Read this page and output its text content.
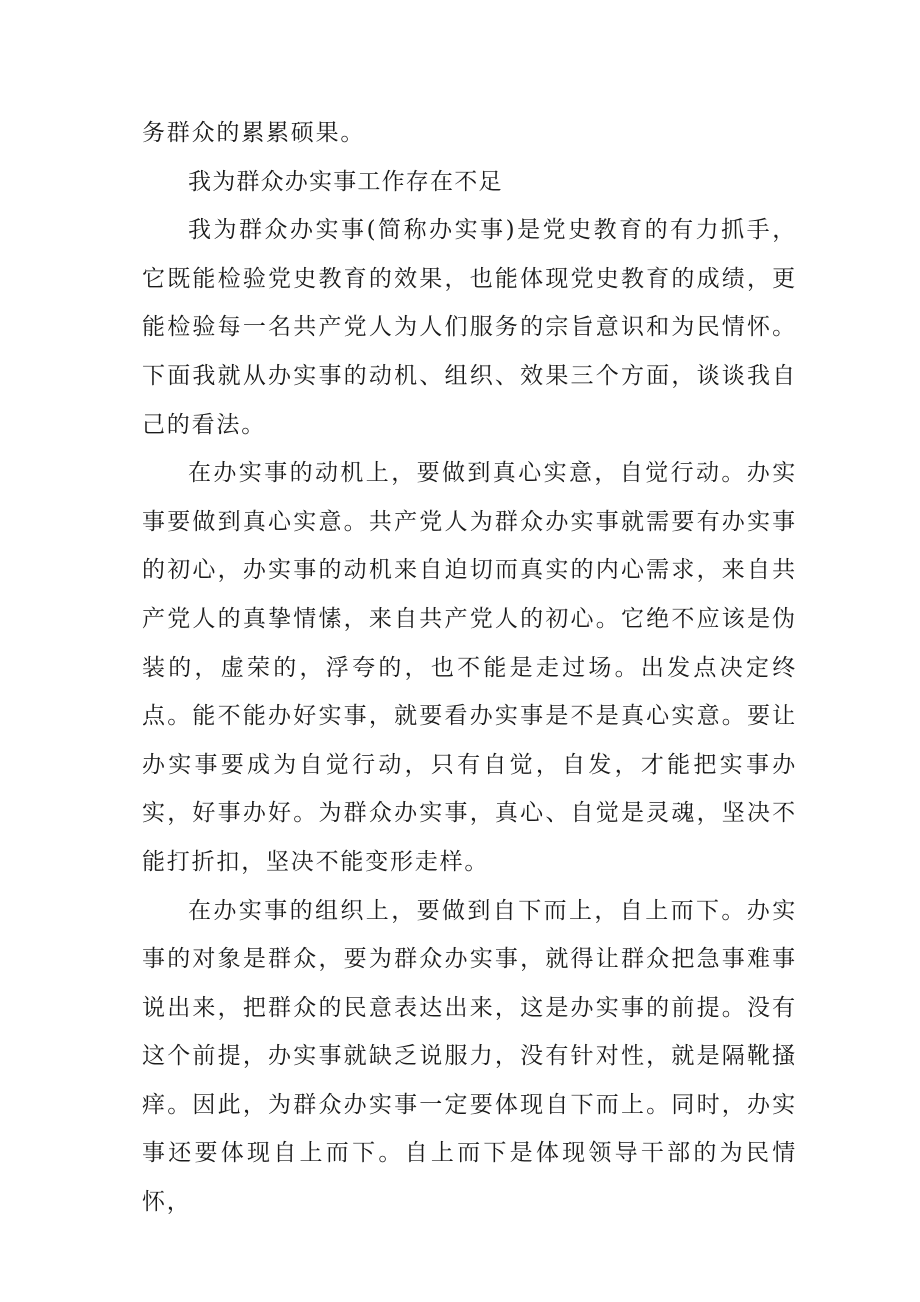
务群众的累累硕果。

我为群众办实事工作存在不足

我为群众办实事(简称办实事)是党史教育的有力抓手，它既能检验党史教育的效果，也能体现党史教育的成绩，更能检验每一名共产党人为人们服务的宗旨意识和为民情怀。下面我就从办实事的动机、组织、效果三个方面，谈谈我自己的看法。

在办实事的动机上，要做到真心实意，自觉行动。办实事要做到真心实意。共产党人为群众办实事就需要有办实事的初心，办实事的动机来自迫切而真实的内心需求，来自共产党人的真挚情愫，来自共产党人的初心。它绝不应该是伪装的，虚荣的，浮夸的，也不能是走过场。出发点决定终点。能不能办好实事，就要看办实事是不是真心实意。要让办实事要成为自觉行动，只有自觉，自发，才能把实事办实，好事办好。为群众办实事，真心、自觉是灵魂，坚决不能打折扣，坚决不能变形走样。

在办实事的组织上，要做到自下而上，自上而下。办实事的对象是群众，要为群众办实事，就得让群众把急事难事说出来，把群众的民意表达出来，这是办实事的前提。没有这个前提，办实事就缺乏说服力，没有针对性，就是隔靴搔痒。因此，为群众办实事一定要体现自下而上。同时，办实事还要体现自上而下。自上而下是体现领导干部的为民情怀，
